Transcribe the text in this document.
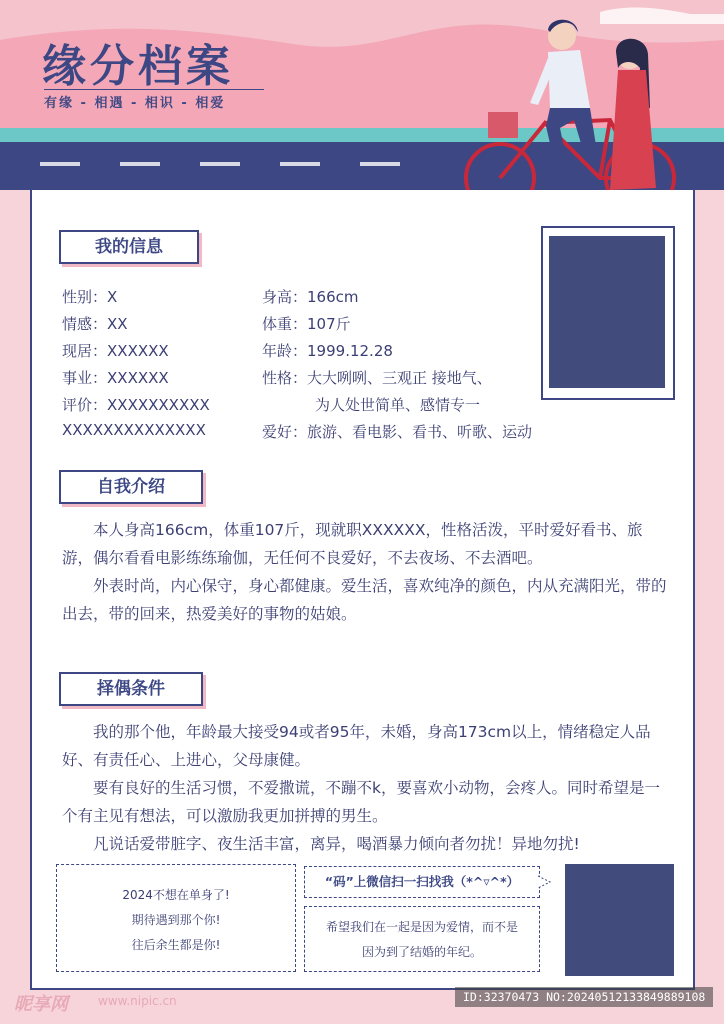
缘分档案
有缘 - 相遇 - 相识 - 相爱
我的信息
性别：X
情感：XX
现居：XXXXXX
事业：XXXXXX
评价：XXXXXXXXXX
XXXXXXXXXXXXXX
身高：166cm
体重：107斤
年龄：1999.12.28
性格：大大咧咧、三观正 接地气、
为人处世简单、感情专一
爱好：旅游、看电影、看书、听歌、运动
自我介绍
本人身高166cm，体重107斤，现就职XXXXXX，性格活泼，平时爱好看书、旅游，偶尔看看电影练练瑜伽，无任何不良爱好，不去夜场、不去酒吧。
外表时尚，内心保守，身心都健康。爱生活，喜欢纯净的颜色，内从充满阳光，带的出去，带的回来，热爱美好的事物的姑娘。
择偶条件
我的那个他，年龄最大接受94或者95年，未婚，身高173cm以上，情绪稳定人品好、有责任心、上进心，父母康健。
要有良好的生活习惯，不爱撒谎，不蹦不k，要喜欢小动物，会疼人。同时希望是一个有主见有想法，可以激励我更加拼搏的男生。
凡说话爱带脏字、夜生活丰富，离异，喝酒暴力倾向者勿扰！异地勿扰!

2024不想在单身了!

期待遇到那个你!

往后余生都是你!

“码”上微信扫一扫找我（*^▿^*）

希望我们在一起是因为爱情，而不是

因为到了结婚的年纪。

昵享网	www.nipic.cn	ID:32370473 NO:20240512133849889108
